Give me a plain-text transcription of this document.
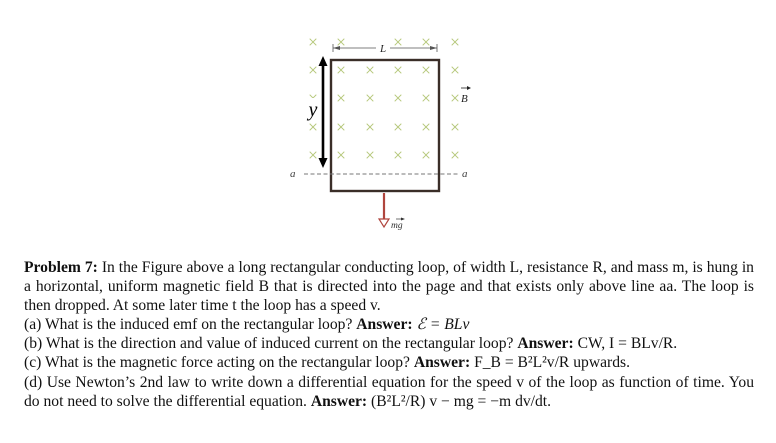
L
y
a	a
B
mg

Problem 7: In the Figure above a long rectangular conducting loop, of width L, resistance R, and mass m, is hung in a horizontal, uniform magnetic field B that is directed into the page and that exists only above line aa. The loop is then dropped. At some later time t the loop has a speed v.

(a) What is the induced emf on the rectangular loop? Answer: ℰ = BLv

(b) What is the direction and value of induced current on the rectangular loop? Answer: CW, I = BLv/R.

(c) What is the magnetic force acting on the rectangular loop? Answer: F_B = B²L²v/R upwards.

(d) Use Newton’s 2nd law to write down a differential equation for the speed v of the loop as function of time. You do not need to solve the differential equation. Answer: (B²L²/R) v − mg = −m dv/dt.
